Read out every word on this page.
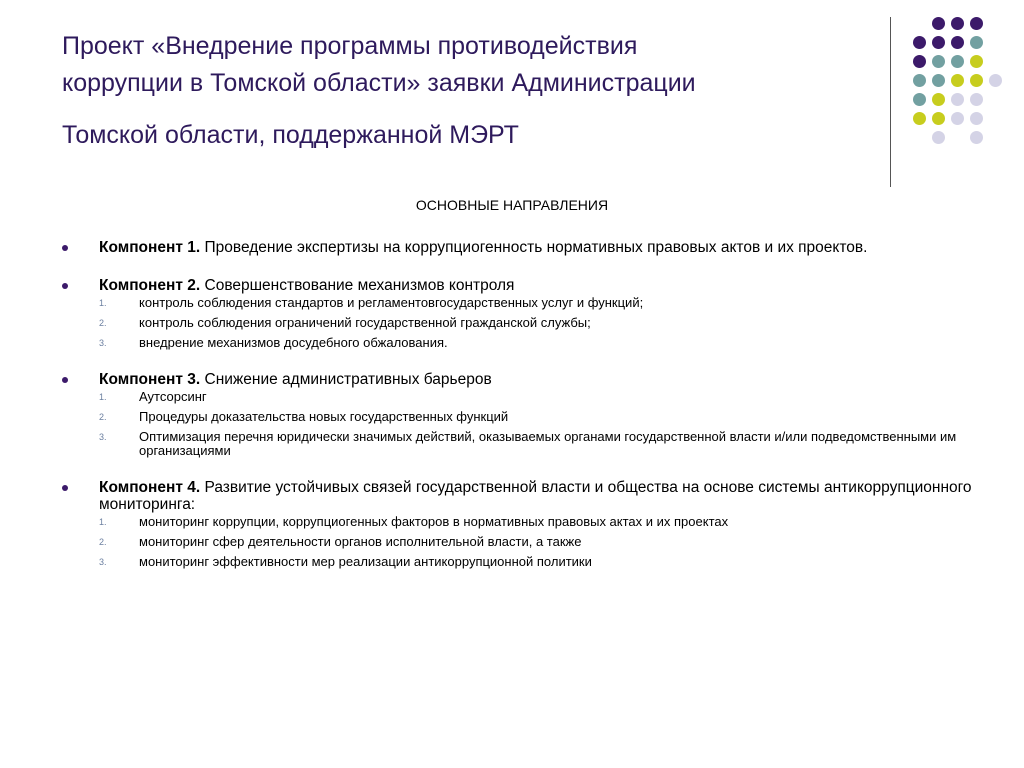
Проект «Внедрение программы противодействия
коррупции в Томской области» заявки Администрации
Томской области, поддержанной МЭРТ
ОСНОВНЫЕ НАПРАВЛЕНИЯ
Компонент 1. Проведение экспертизы на коррупциогенность нормативных правовых актов и их проектов.
Компонент 2. Совершенствование механизмов контроля
1. контроль соблюдения стандартов и регламентовгосударственных услуг и функций;
2. контроль соблюдения ограничений государственной гражданской службы;
3. внедрение механизмов досудебного обжалования.
Компонент 3. Снижение административных барьеров
1. Аутсорсинг
2. Процедуры доказательства новых государственных функций
3. Оптимизация перечня юридически значимых действий, оказываемых органами государственной власти и/или подведомственными им организациями
Компонент 4. Развитие устойчивых связей государственной власти и общества на основе системы антикоррупционного мониторинга:
1. мониторинг коррупции, коррупциогенных факторов в нормативных правовых актах и их проектах
2. мониторинг сфер деятельности органов исполнительной власти, а также
3. мониторинг эффективности мер реализации антикоррупционной политики
